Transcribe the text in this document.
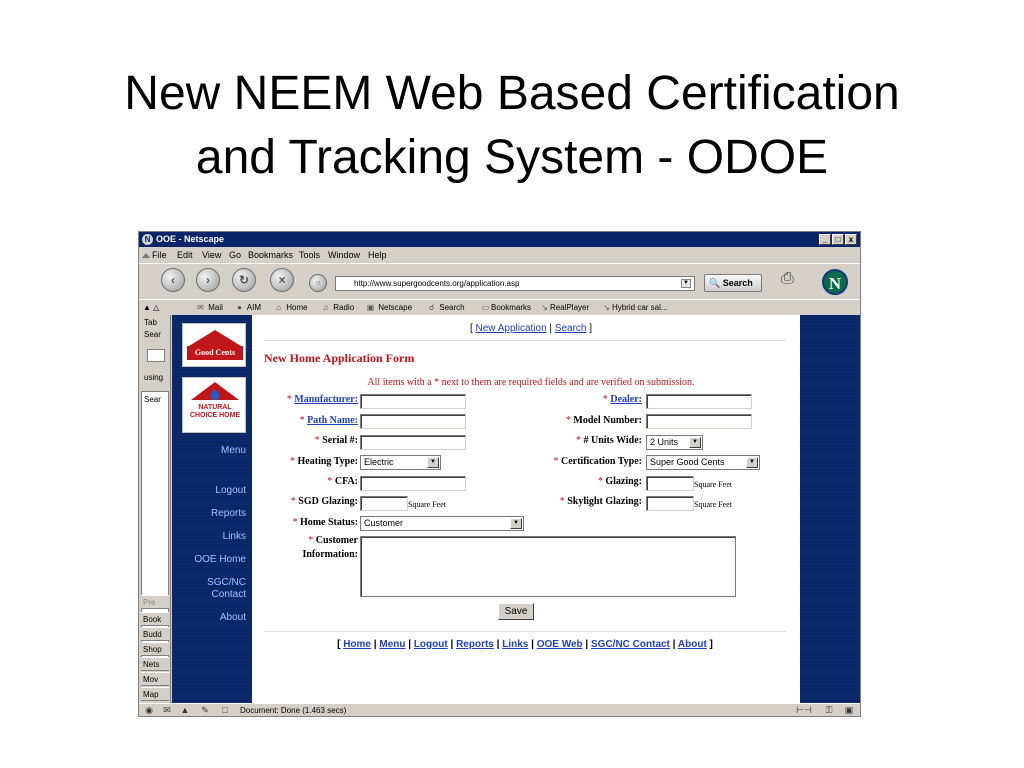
New NEEM Web Based Certification
and Tracking System - ODOE
N OOE - Netscape	_	□	x
File Edit View Go Bookmarks Tools Window Help
‹	›	↻	×	○	http://www.supergoodcents.org/application.asp	▼	🔍 Search	⎙	N
▲ △	✉ Mail	● AIM	⌂ Home	♫ Radio ▣ Netscape	☌ Search ▭ Bookmarks ↘ RealPlayer ↘ Hybrid car sal...
Tab
Sear
using
Sear
Pre
Book
Budd
Shop
Nets
Mov
Map
Good Cents
NATURAL CHOICE HOME
Menu
Logout
Reports
Links
OOE Home
SGC/NC Contact
About
[ New Application | Search ]
New Home Application Form
All items with a * next to them are required fields and are verified on submission.
* Manufacturer:	* Dealer:
* Path Name:	* Model Number:
* Serial #:	* # Units Wide: 2 Units	▼
* Heating Type: Electric	▼	* Certification Type: Super Good Cents	▼
* CFA:	* Glazing:	Square Feet
* SGD Glazing:	Square Feet	* Skylight Glazing:	Square Feet
* Home Status: Customer	▼
* Customer Information:
Save
[ Home | Menu | Logout | Reports | Links | OOE Web | SGC/NC Contact | About ]
◉ ✉ ▲ ✎	□	Document: Done (1.463 secs)	⊢⊣ ⚿ ▣
